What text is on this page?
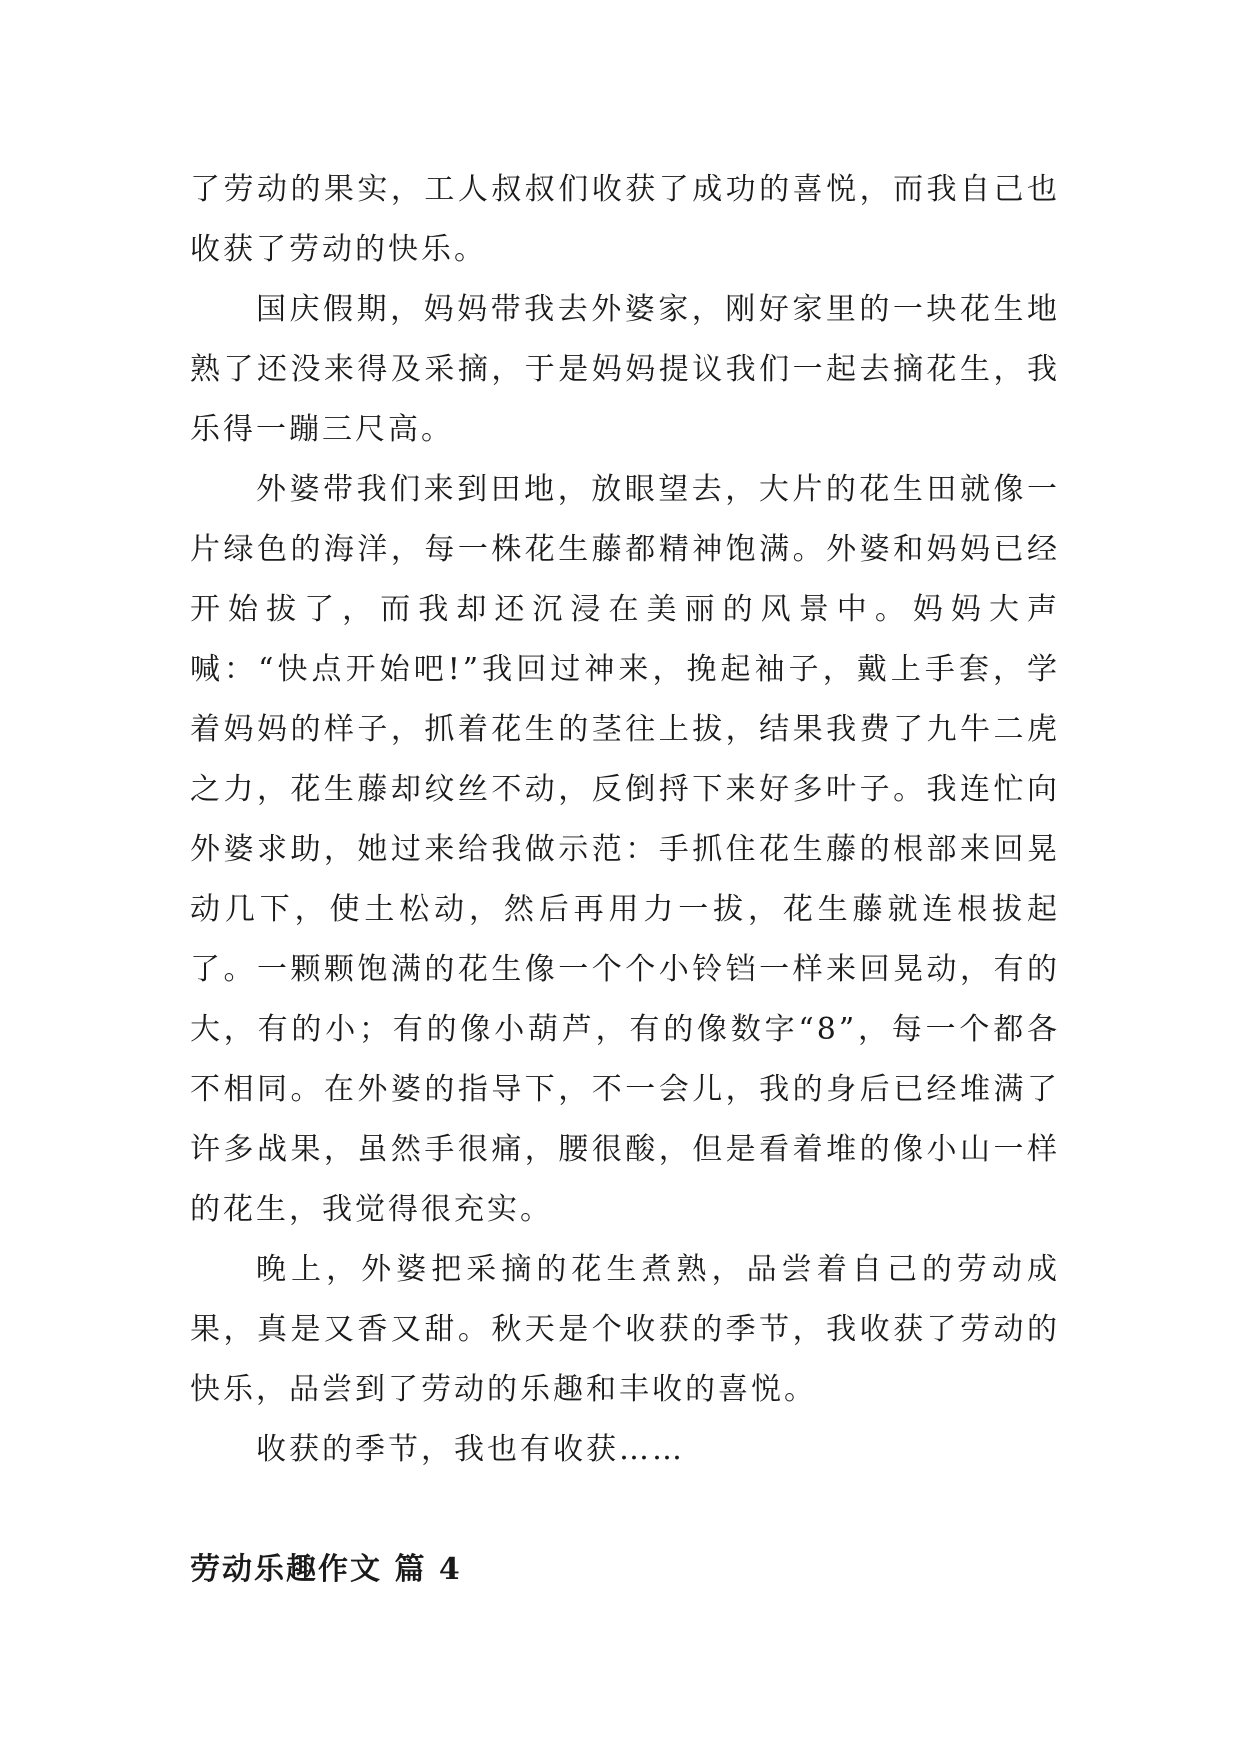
了劳动的果实，工人叔叔们收获了成功的喜悦，而我自己也收获了劳动的快乐。

国庆假期，妈妈带我去外婆家，刚好家里的一块花生地熟了还没来得及采摘，于是妈妈提议我们一起去摘花生，我乐得一蹦三尺高。

外婆带我们来到田地，放眼望去，大片的花生田就像一片绿色的海洋，每一株花生藤都精神饱满。外婆和妈妈已经开始拔了，而我却还沉浸在美丽的风景中。妈妈大声喊：“快点开始吧!”我回过神来，挽起袖子，戴上手套，学着妈妈的样子，抓着花生的茎往上拔，结果我费了九牛二虎之力，花生藤却纹丝不动，反倒捋下来好多叶子。我连忙向外婆求助，她过来给我做示范：手抓住花生藤的根部来回晃动几下，使土松动，然后再用力一拔，花生藤就连根拔起了。一颗颗饱满的花生像一个个小铃铛一样来回晃动，有的大，有的小；有的像小葫芦，有的像数字“8”，每一个都各不相同。在外婆的指导下，不一会儿，我的身后已经堆满了许多战果，虽然手很痛，腰很酸，但是看着堆的像小山一样的花生，我觉得很充实。

晚上，外婆把采摘的花生煮熟，品尝着自己的劳动成果，真是又香又甜。秋天是个收获的季节，我收获了劳动的快乐，品尝到了劳动的乐趣和丰收的喜悦。

收获的季节，我也有收获……

劳动乐趣作文 篇 4
